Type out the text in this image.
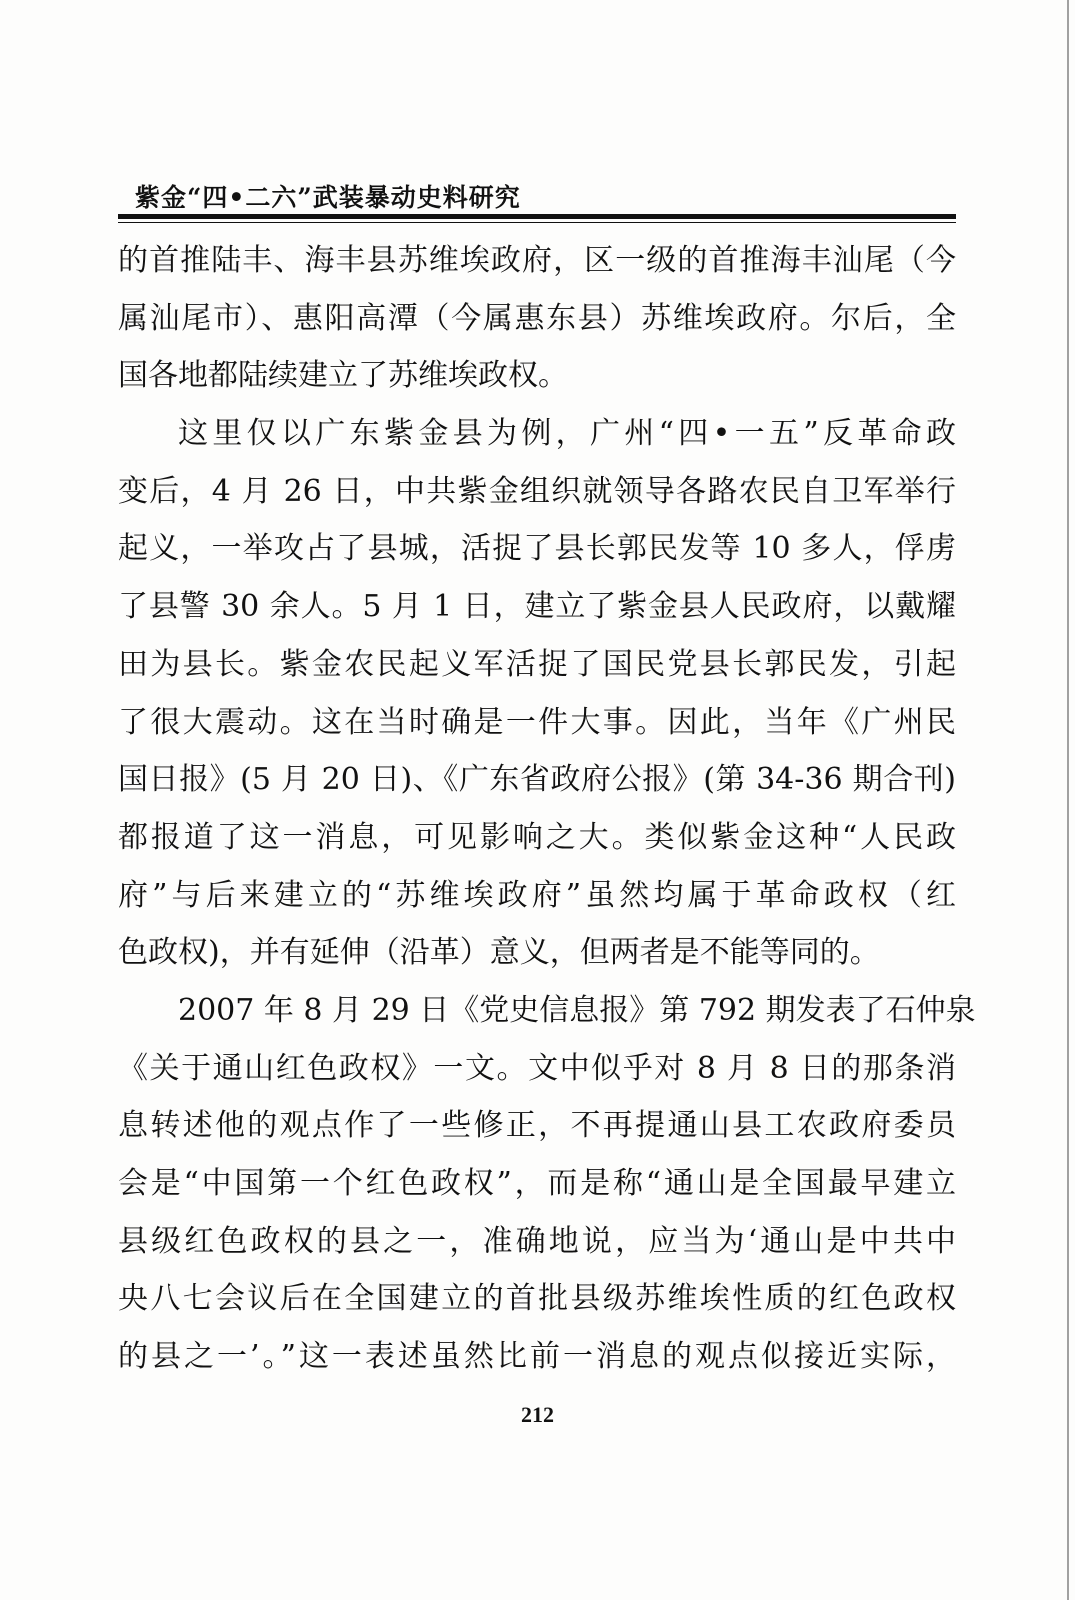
紫金“四•二六”武装暴动史料研究
的首推陆丰、海丰县苏维埃政府，区一级的首推海丰汕尾（今
属汕尾市）、惠阳高潭（今属惠东县）苏维埃政府。尔后，全
国各地都陆续建立了苏维埃政权。
这里仅以广东紫金县为例，广州“四•一五”反革命政
变后，4 月 26 日，中共紫金组织就领导各路农民自卫军举行
起义，一举攻占了县城，活捉了县长郭民发等 10 多人，俘虏
了县警 30 余人。5 月 1 日，建立了紫金县人民政府，以戴耀
田为县长。紫金农民起义军活捉了国民党县长郭民发，引起
了很大震动。这在当时确是一件大事。因此，当年《广州民
国日报》(5 月 20 日)、《广东省政府公报》(第 34-36 期合刊)
都报道了这一消息，可见影响之大。类似紫金这种“人民政
府”与后来建立的“苏维埃政府”虽然均属于革命政权（红
色政权)，并有延伸（沿革）意义，但两者是不能等同的。
2007 年 8 月 29 日《党史信息报》第 792 期发表了石仲泉
《关于通山红色政权》一文。文中似乎对 8 月 8 日的那条消
息转述他的观点作了一些修正，不再提通山县工农政府委员
会是“中国第一个红色政权”，而是称“通山是全国最早建立
县级红色政权的县之一，准确地说，应当为‘通山是中共中
央八七会议后在全国建立的首批县级苏维埃性质的红色政权
的县之一’。”这一表述虽然比前一消息的观点似接近实际，
212
